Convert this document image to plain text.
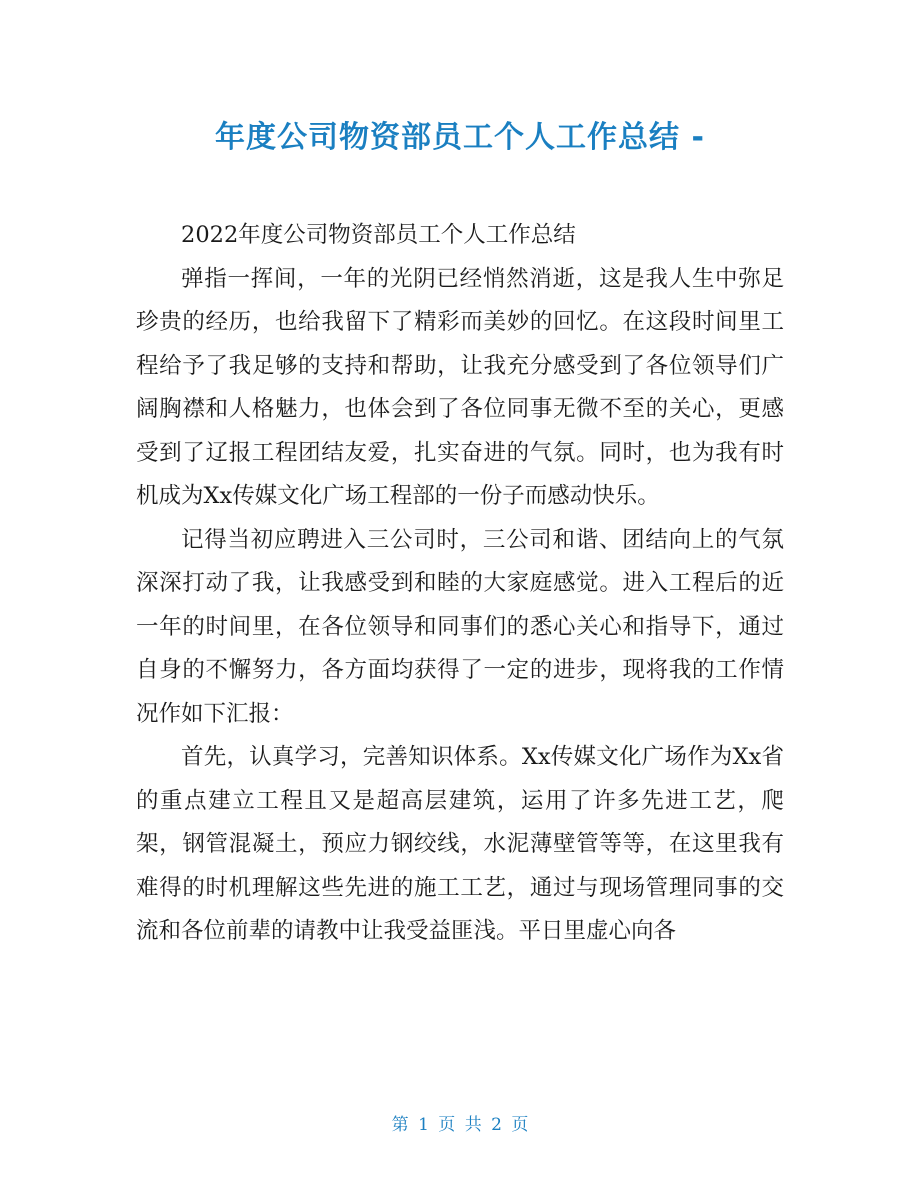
年度公司物资部员工个人工作总结 -

2022年度公司物资部员工个人工作总结

弹指一挥间，一年的光阴已经悄然消逝，这是我人生中弥足珍贵的经历，也给我留下了精彩而美妙的回忆。在这段时间里工程给予了我足够的支持和帮助，让我充分感受到了各位领导们广阔胸襟和人格魅力，也体会到了各位同事无微不至的关心，更感受到了辽报工程团结友爱，扎实奋进的气氛。同时，也为我有时机成为Xx传媒文化广场工程部的一份子而感动快乐。

记得当初应聘进入三公司时，三公司和谐、团结向上的气氛深深打动了我，让我感受到和睦的大家庭感觉。进入工程后的近一年的时间里，在各位领导和同事们的悉心关心和指导下，通过自身的不懈努力，各方面均获得了一定的进步，现将我的工作情况作如下汇报：

首先，认真学习，完善知识体系。Xx传媒文化广场作为Xx省的重点建立工程且又是超高层建筑，运用了许多先进工艺，爬架，钢管混凝土，预应力钢绞线，水泥薄壁管等等，在这里我有难得的时机理解这些先进的施工工艺，通过与现场管理同事的交流和各位前辈的请教中让我受益匪浅。平日里虚心向各

第 1 页 共 2 页
